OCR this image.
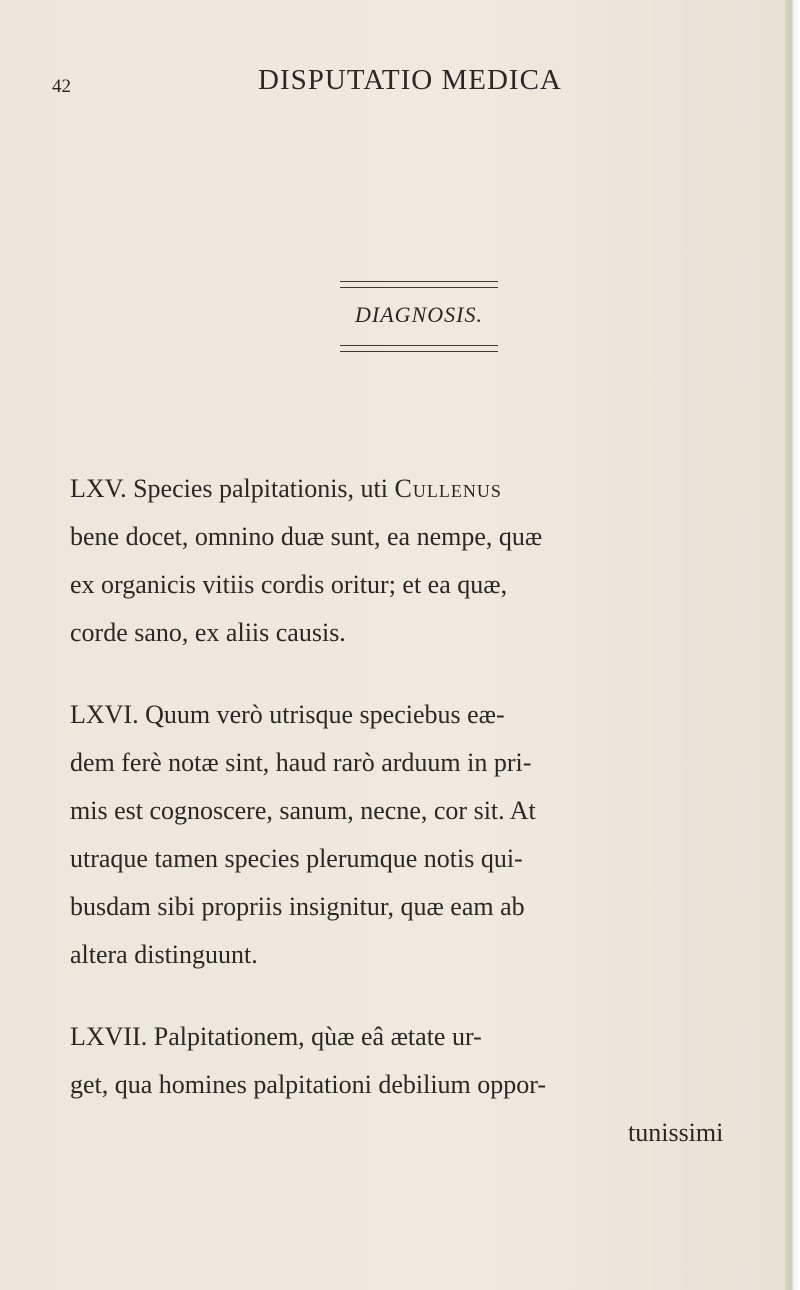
42	DISPUTATIO MEDICA
DIAGNOSIS.
LXV. Species palpitationis, uti Cullenus
bene docet, omnino duæ sunt, ea nempe, quæ
ex organicis vitiis cordis oritur; et ea quæ,
corde sano, ex aliis causis.
LXVI. Quum verò utrisque speciebus eæ-
dem ferè notæ sint, haud rarò arduum in pri-
mis est cognoscere, sanum, necne, cor sit. At
utraque tamen species plerumque notis qui-
busdam sibi propriis insignitur, quæ eam ab
altera distinguunt.
LXVII. Palpitationem, qùæ eâ ætate ur-
get, qua homines palpitationi debilium oppor-
tunissimi
